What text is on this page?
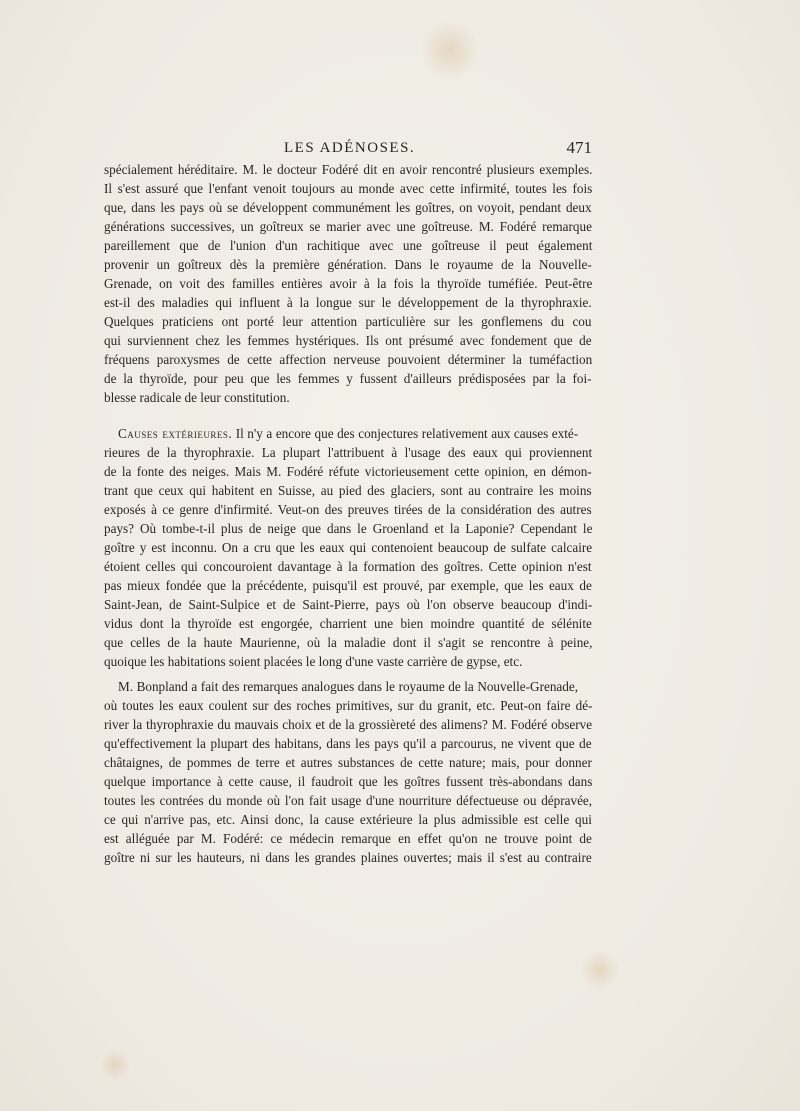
LES ADÉNOSES.	471
spécialement héréditaire. M. le docteur Fodéré dit en avoir rencontré plusieurs exemples.
Il s'est assuré que l'enfant venoit toujours au monde avec cette infirmité, toutes les fois
que, dans les pays où se développent communément les goîtres, on voyoit, pendant deux
générations successives, un goîtreux se marier avec une goîtreuse. M. Fodéré remarque
pareillement que de l'union d'un rachitique avec une goîtreuse il peut également
provenir un goîtreux dès la première génération. Dans le royaume de la Nouvelle-
Grenade, on voit des familles entières avoir à la fois la thyroïde tuméfiée. Peut-être
est-il des maladies qui influent à la longue sur le développement de la thyrophraxie.
Quelques praticiens ont porté leur attention particulière sur les gonflemens du cou
qui surviennent chez les femmes hystériques. Ils ont présumé avec fondement que de
fréquens paroxysmes de cette affection nerveuse pouvoient déterminer la tuméfaction
de la thyroïde, pour peu que les femmes y fussent d'ailleurs prédisposées par la foi-
blesse radicale de leur constitution.
Causes extérieures. Il n'y a encore que des conjectures relativement aux causes exté-
rieures de la thyrophraxie. La plupart l'attribuent à l'usage des eaux qui proviennent
de la fonte des neiges. Mais M. Fodéré réfute victorieusement cette opinion, en démon-
trant que ceux qui habitent en Suisse, au pied des glaciers, sont au contraire les moins
exposés à ce genre d'infirmité. Veut-on des preuves tirées de la considération des autres
pays? Où tombe-t-il plus de neige que dans le Groenland et la Laponie? Cependant le
goître y est inconnu. On a cru que les eaux qui contenoient beaucoup de sulfate calcaire
étoient celles qui concouroient davantage à la formation des goîtres. Cette opinion n'est
pas mieux fondée que la précédente, puisqu'il est prouvé, par exemple, que les eaux de
Saint-Jean, de Saint-Sulpice et de Saint-Pierre, pays où l'on observe beaucoup d'indi-
vidus dont la thyroïde est engorgée, charrient une bien moindre quantité de sélénite
que celles de la haute Maurienne, où la maladie dont il s'agit se rencontre à peine,
quoique les habitations soient placées le long d'une vaste carrière de gypse, etc.
M. Bonpland a fait des remarques analogues dans le royaume de la Nouvelle-Grenade,
où toutes les eaux coulent sur des roches primitives, sur du granit, etc. Peut-on faire dé-
river la thyrophraxie du mauvais choix et de la grossièreté des alimens? M. Fodéré observe
qu'effectivement la plupart des habitans, dans les pays qu'il a parcourus, ne vivent que de
châtaignes, de pommes de terre et autres substances de cette nature; mais, pour donner
quelque importance à cette cause, il faudroit que les goîtres fussent très-abondans dans
toutes les contrées du monde où l'on fait usage d'une nourriture défectueuse ou dépravée,
ce qui n'arrive pas, etc. Ainsi donc, la cause extérieure la plus admissible est celle qui
est alléguée par M. Fodéré: ce médecin remarque en effet qu'on ne trouve point de
goître ni sur les hauteurs, ni dans les grandes plaines ouvertes; mais il s'est au contraire
